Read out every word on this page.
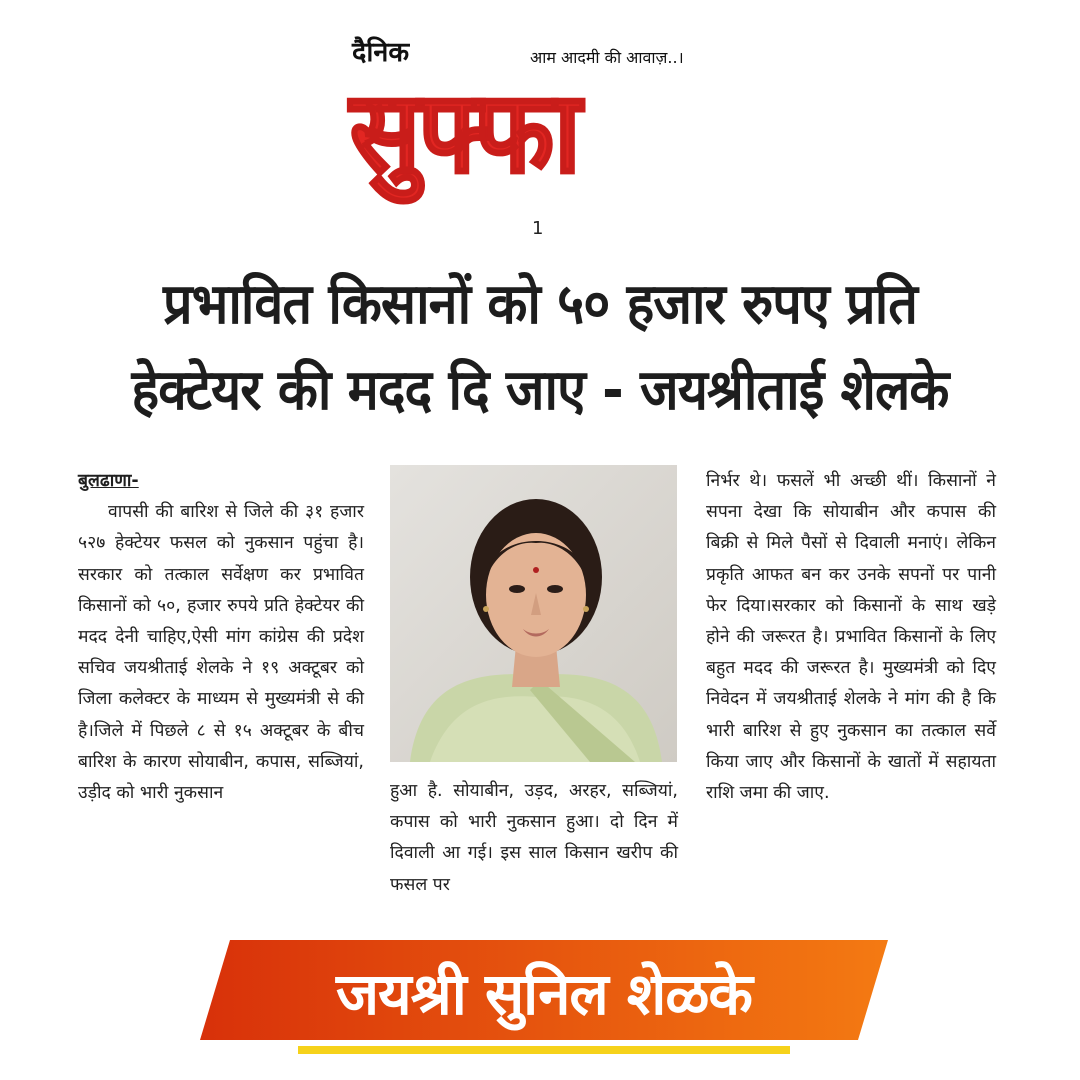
दैनिक	आम आदमी की आवाज़..।
सुफ्फा
1
प्रभावित किसानों को ५० हजार रुपए प्रति
हेक्टेयर की मदद दि जाए - जयश्रीताई शेलके
बुलढाणा-

वापसी की बारिश से जिले की ३१ हजार ५२७ हेक्टेयर फसल को नुकसान पहुंचा है। सरकार को तत्काल सर्वेक्षण कर प्रभावित किसानों को ५०, हजार रुपये प्रति हेक्टेयर की मदद देनी चाहिए,ऐसी मांग कांग्रेस की प्रदेश सचिव जयश्रीताई शेलके ने १९ अक्टूबर को जिला कलेक्टर के माध्यम से मुख्यमंत्री से की है।जिले में पिछले ८ से १५ अक्टूबर के बीच बारिश के कारण सोयाबीन, कपास, सब्जियां, उड़ीद को भारी नुकसान	हुआ है. सोयाबीन, उड़द, अरहर, सब्जियां, कपास को भारी नुकसान हुआ। दो दिन में दिवाली आ गई। इस साल किसान खरीप की फसल पर

निर्भर थे। फसलें भी अच्छी थीं। किसानों ने सपना देखा कि सोयाबीन और कपास की बिक्री से मिले पैसों से दिवाली मनाएं। लेकिन प्रकृति आफत बन कर उनके सपनों पर पानी फेर दिया।सरकार को किसानों के साथ खड़े होने की जरूरत है। प्रभावित किसानों के लिए बहुत मदद की जरूरत है। मुख्यमंत्री को दिए निवेदन में जयश्रीताई शेलके ने मांग की है कि भारी बारिश से हुए नुकसान का तत्काल सर्वे किया जाए और किसानों के खातों में सहायता राशि जमा की जाए.

जयश्री सुनिल शेळके
